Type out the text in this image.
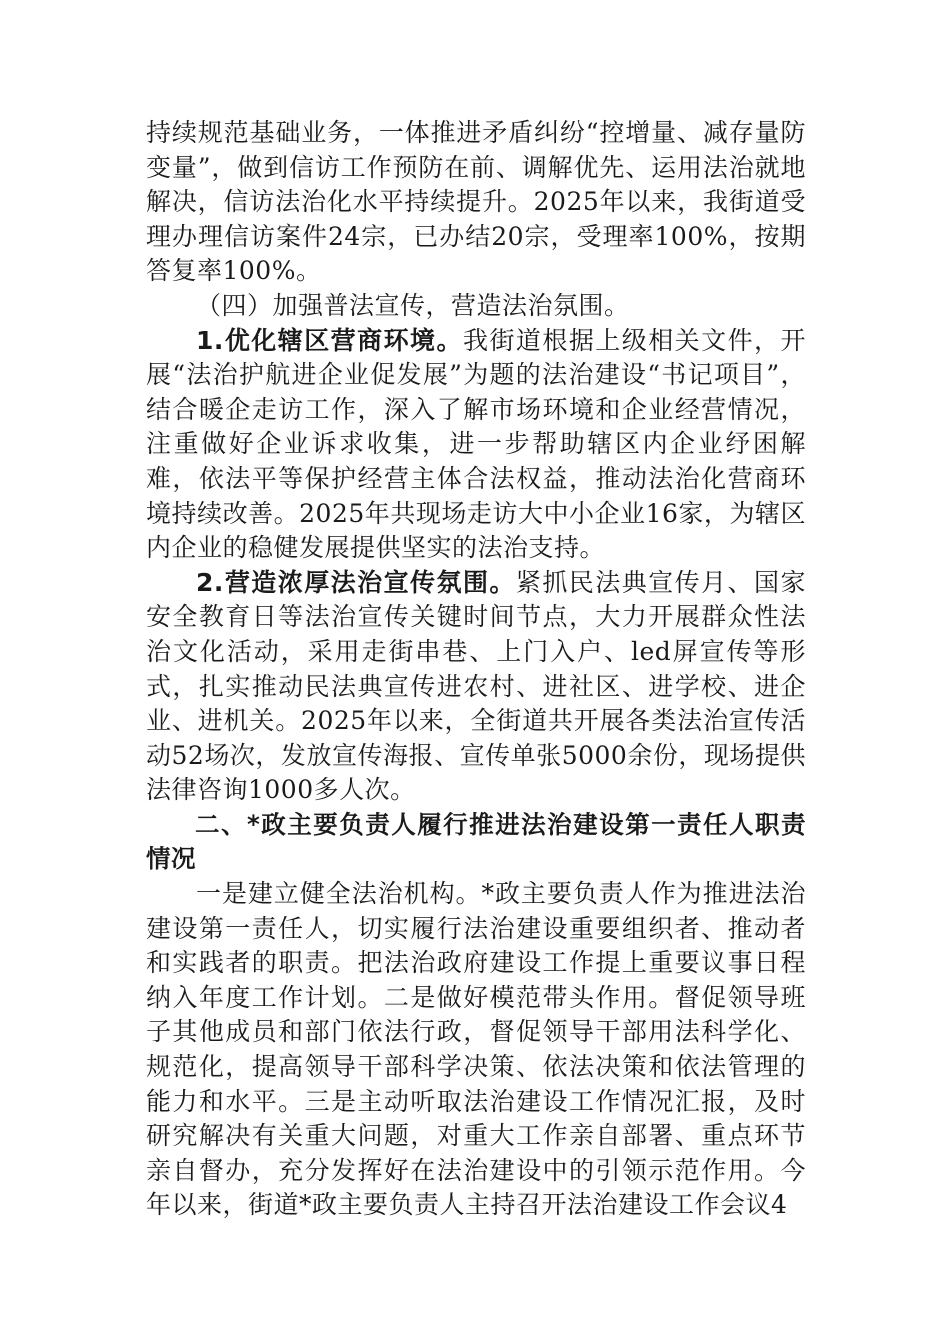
持续规范基础业务，一体推进矛盾纠纷“控增量、减存量防变量”，做到信访工作预防在前、调解优先、运用法治就地解决，信访法治化水平持续提升。2025年以来，我街道受理办理信访案件24宗，已办结20宗，受理率100%，按期答复率100%。

（四）加强普法宣传，营造法治氛围。

1.优化辖区营商环境。我街道根据上级相关文件，开展“法治护航进企业促发展”为题的法治建设“书记项目”，结合暖企走访工作，深入了解市场环境和企业经营情况，注重做好企业诉求收集，进一步帮助辖区内企业纾困解难，依法平等保护经营主体合法权益，推动法治化营商环境持续改善。2025年共现场走访大中小企业16家，为辖区内企业的稳健发展提供坚实的法治支持。

2.营造浓厚法治宣传氛围。紧抓民法典宣传月、国家安全教育日等法治宣传关键时间节点，大力开展群众性法治文化活动，采用走街串巷、上门入户、led屏宣传等形式，扎实推动民法典宣传进农村、进社区、进学校、进企业、进机关。2025年以来，全街道共开展各类法治宣传活动52场次，发放宣传海报、宣传单张5000余份，现场提供法律咨询1000多人次。

二、*政主要负责人履行推进法治建设第一责任人职责情况

一是建立健全法治机构。*政主要负责人作为推进法治建设第一责任人，切实履行法治建设重要组织者、推动者和实践者的职责。把法治政府建设工作提上重要议事日程纳入年度工作计划。二是做好模范带头作用。督促领导班子其他成员和部门依法行政，督促领导干部用法科学化、规范化，提高领导干部科学决策、依法决策和依法管理的能力和水平。三是主动听取法治建设工作情况汇报，及时研究解决有关重大问题，对重大工作亲自部署、重点环节亲自督办，充分发挥好在法治建设中的引领示范作用。今年以来，街道*政主要负责人主持召开法治建设工作会议4
